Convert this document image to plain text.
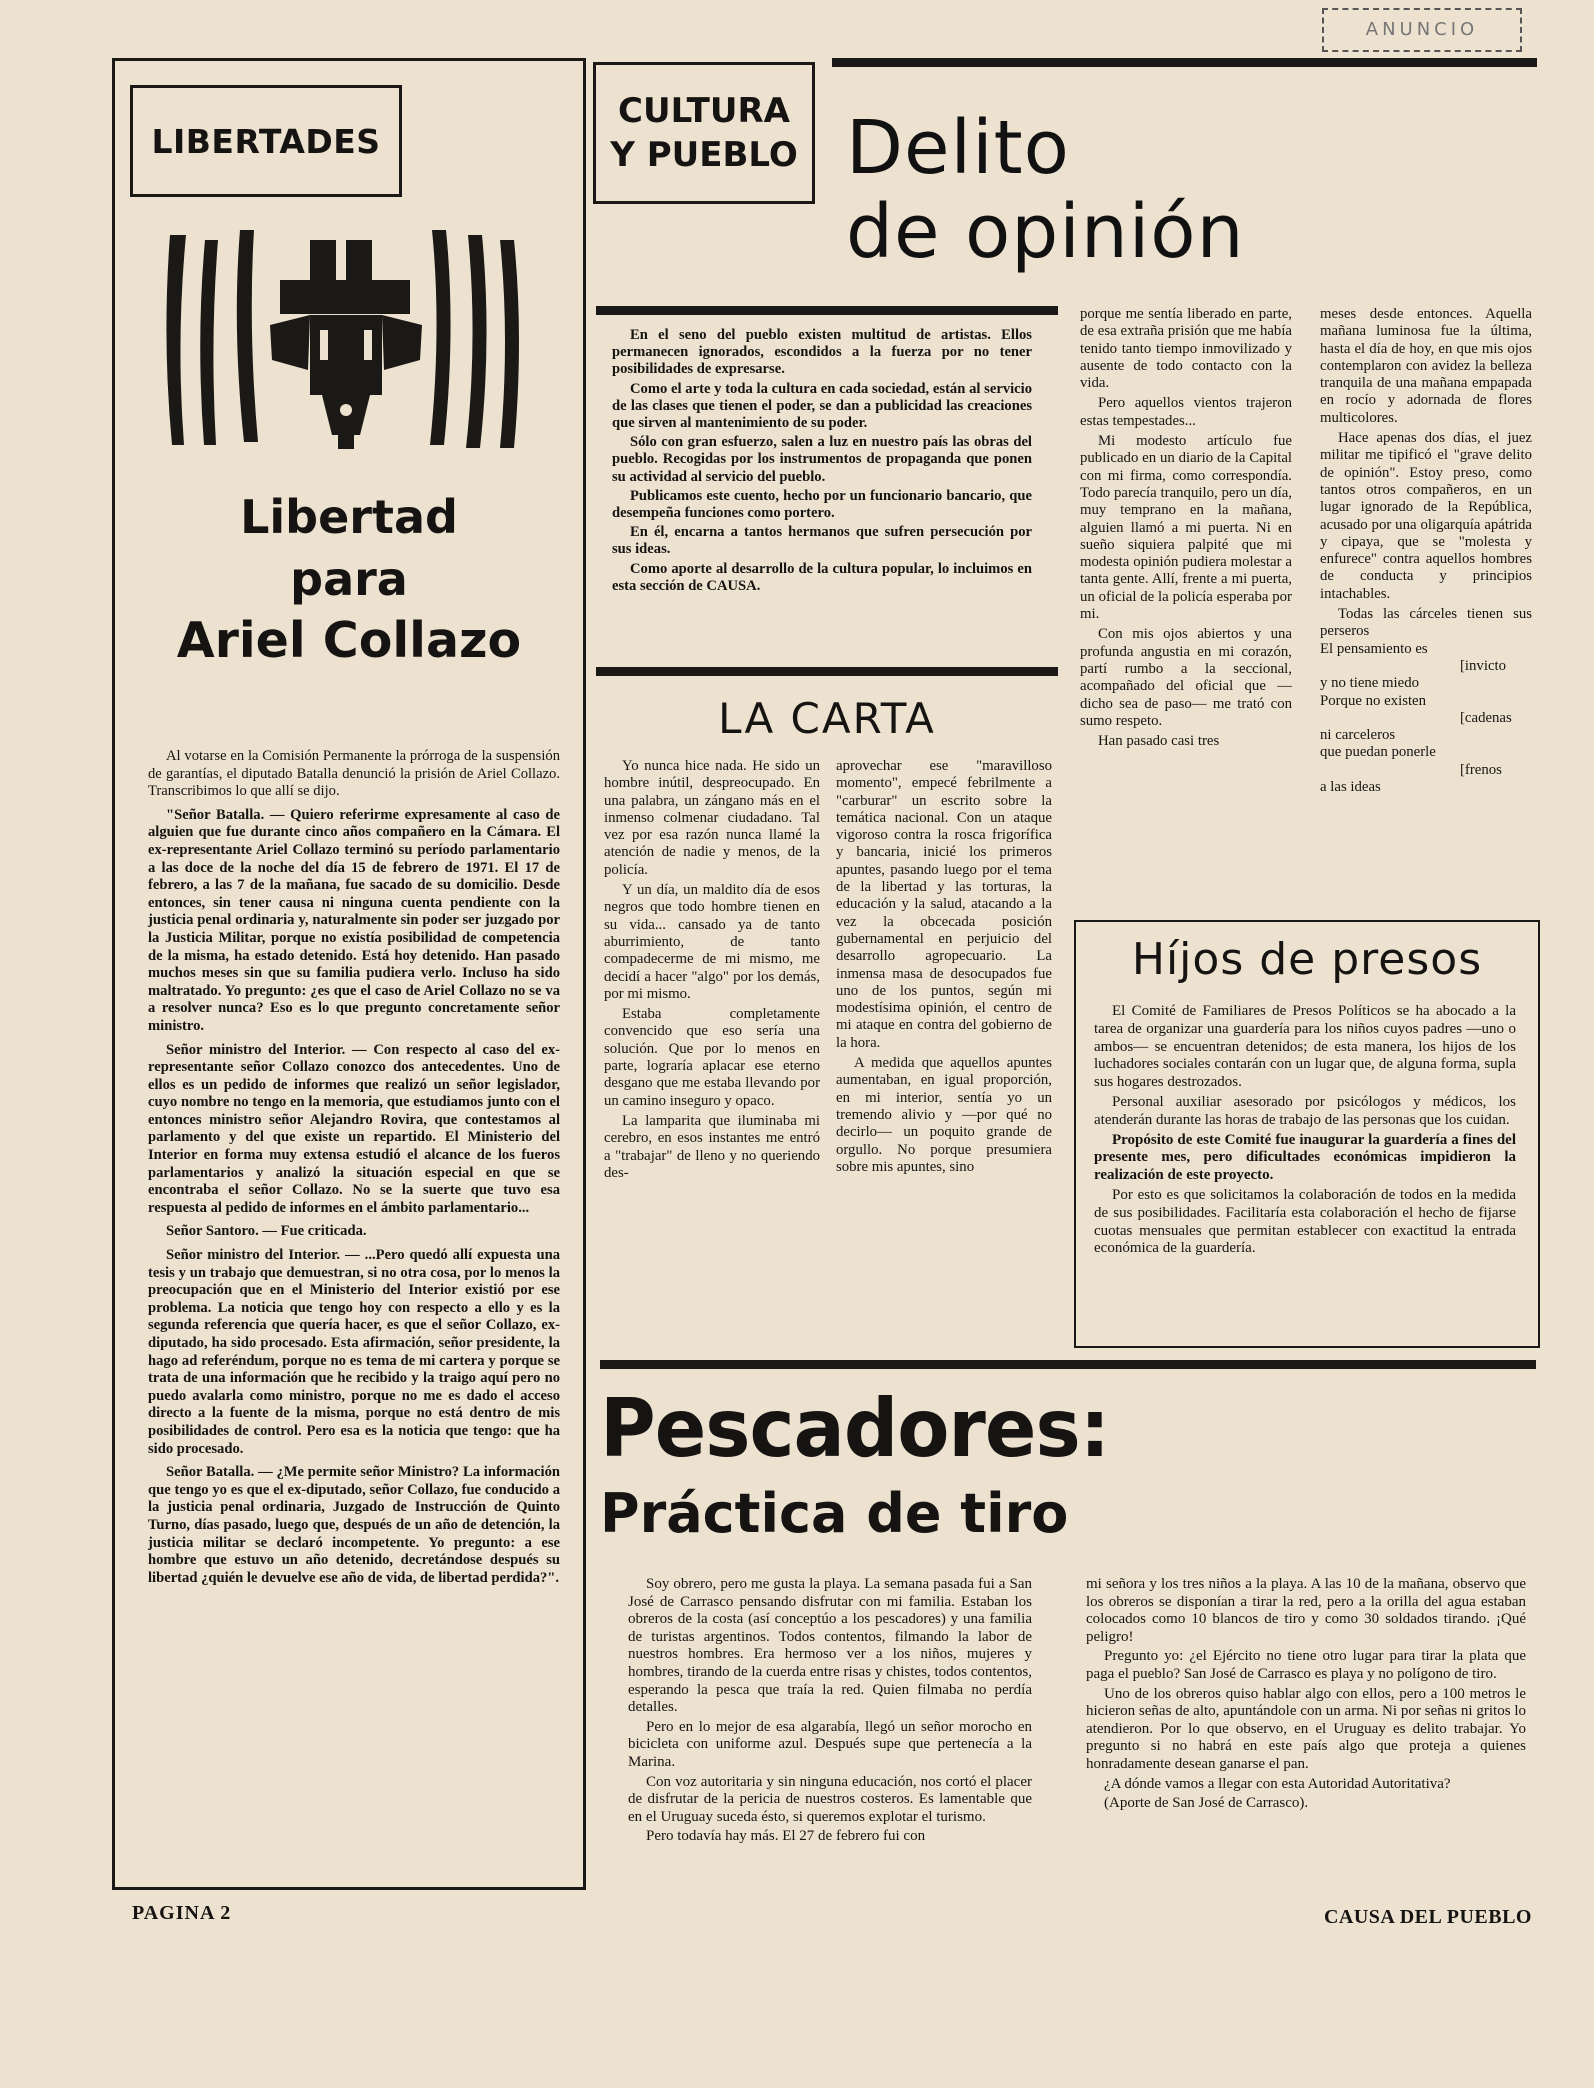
ANUNCIO
LIBERTADES
Libertad
para
Ariel Collazo

Al votarse en la Comisión Permanente la prórroga de la suspensión de garantías, el diputado Batalla denunció la prisión de Ariel Collazo. Transcribimos lo que allí se dijo.

"Señor Batalla. — Quiero referirme expresamente al caso de alguien que fue durante cinco años compañero en la Cámara. El ex-representante Ariel Collazo terminó su período parlamentario a las doce de la noche del día 15 de febrero de 1971. El 17 de febrero, a las 7 de la mañana, fue sacado de su domicilio. Desde entonces, sin tener causa ni ninguna cuenta pendiente con la justicia penal ordinaria y, naturalmente sin poder ser juzgado por la Justicia Militar, porque no existía posibilidad de competencia de la misma, ha estado detenido. Está hoy detenido. Han pasado muchos meses sin que su familia pudiera verlo. Incluso ha sido maltratado. Yo pregunto: ¿es que el caso de Ariel Collazo no se va a resolver nunca? Eso es lo que pregunto concretamente señor ministro.

Señor ministro del Interior. — Con respecto al caso del ex-representante señor Collazo conozco dos antecedentes. Uno de ellos es un pedido de informes que realizó un señor legislador, cuyo nombre no tengo en la memoria, que estudiamos junto con el entonces ministro señor Alejandro Rovira, que contestamos al parlamento y del que existe un repartido. El Ministerio del Interior en forma muy extensa estudió el alcance de los fueros parlamentarios y analizó la situación especial en que se encontraba el señor Collazo. No se la suerte que tuvo esa respuesta al pedido de informes en el ámbito parlamentario...

Señor Santoro. — Fue criticada.

Señor ministro del Interior. — ...Pero quedó allí expuesta una tesis y un trabajo que demuestran, si no otra cosa, por lo menos la preocupación que en el Ministerio del Interior existió por ese problema. La noticia que tengo hoy con respecto a ello y es la segunda referencia que quería hacer, es que el señor Collazo, ex-diputado, ha sido procesado. Esta afirmación, señor presidente, la hago ad referéndum, porque no es tema de mi cartera y porque se trata de una información que he recibido y la traigo aquí pero no puedo avalarla como ministro, porque no me es dado el acceso directo a la fuente de la misma, porque no está dentro de mis posibilidades de control. Pero esa es la noticia que tengo: que ha sido procesado.

Señor Batalla. — ¿Me permite señor Ministro? La información que tengo yo es que el ex-diputado, señor Collazo, fue conducido a la justicia penal ordinaria, Juzgado de Instrucción de Quinto Turno, días pasado, luego que, después de un año de detención, la justicia militar se declaró incompetente. Yo pregunto: a ese hombre que estuvo un año detenido, decretándose después su libertad ¿quién le devuelve ese año de vida, de libertad perdida?".

CULTURA
Y PUEBLO Delito
de opinión

En el seno del pueblo existen multitud de artistas. Ellos permanecen ignorados, escondidos a la fuerza por no tener posibilidades de expresarse.

Como el arte y toda la cultura en cada sociedad, están al servicio de las clases que tienen el poder, se dan a publicidad las creaciones que sirven al mantenimiento de su poder.

Sólo con gran esfuerzo, salen a luz en nuestro país las obras del pueblo. Recogidas por los instrumentos de propaganda que ponen su actividad al servicio del pueblo.

Publicamos este cuento, hecho por un funcionario bancario, que desempeña funciones como portero.

En él, encarna a tantos hermanos que sufren persecución por sus ideas.

Como aporte al desarrollo de la cultura popular, lo incluimos en esta sección de CAUSA.

LA CARTA

Yo nunca hice nada. He sido un hombre inútil, despreocupado. En una palabra, un zángano más en el inmenso colmenar ciudadano. Tal vez por esa razón nunca llamé la atención de nadie y menos, de la policía.

Y un día, un maldito día de esos negros que todo hombre tienen en su vida... cansado ya de tanto aburrimiento, de tanto compadecerme de mi mismo, me decidí a hacer "algo" por los demás, por mi mismo.

Estaba completamente convencido que eso sería una solución. Que por lo menos en parte, lograría aplacar ese eterno desgano que me estaba llevando por un camino inseguro y opaco.

La lamparita que iluminaba mi cerebro, en esos instantes me entró a "trabajar" de lleno y no queriendo des-

aprovechar ese "maravilloso momento", empecé febrilmente a "carburar" un escrito sobre la temática nacional. Con un ataque vigoroso contra la rosca frigorífica y bancaria, inicié los primeros apuntes, pasando luego por el tema de la libertad y las torturas, la educación y la salud, atacando a la vez la obcecada posición gubernamental en perjuicio del desarrollo agropecuario. La inmensa masa de desocupados fue uno de los puntos, según mi modestísima opinión, el centro de mi ataque en contra del gobierno de la hora.

A medida que aquellos apuntes aumentaban, en igual proporción, en mi interior, sentía yo un tremendo alivio y —por qué no decirlo— un poquito grande de orgullo. No porque presumiera sobre mis apuntes, sino

porque me sentía liberado en parte, de esa extraña prisión que me había tenido tanto tiempo inmovilizado y ausente de todo contacto con la vida.

Pero aquellos vientos trajeron estas tempestades...

Mi modesto artículo fue publicado en un diario de la Capital con mi firma, como correspondía. Todo parecía tranquilo, pero un día, muy temprano en la mañana, alguien llamó a mi puerta. Ni en sueño siquiera palpité que mi modesta opinión pudiera molestar a tanta gente. Allí, frente a mi puerta, un oficial de la policía esperaba por mi.

Con mis ojos abiertos y una profunda angustia en mi corazón, partí rumbo a la seccional, acompañado del oficial que —dicho sea de paso— me trató con sumo respeto.

Han pasado casi tres

meses desde entonces. Aquella mañana luminosa fue la última, hasta el día de hoy, en que mis ojos contemplaron con avidez la belleza tranquila de una mañana empapada en rocío y adornada de flores multicolores.

Hace apenas dos días, el juez militar me tipificó el "grave delito de opinión". Estoy preso, como tantos otros compañeros, en un lugar ignorado de la República, acusado por una oligarquía apátrida y cipaya, que se "molesta y enfurece" contra aquellos hombres de conducta y principios intachables.

Todas las cárceles tienen sus perseros

El pensamiento es
[invicto
y no tiene miedo
Porque no existen
[cadenas
ni carceleros
que puedan ponerle
[frenos
a las ideas
Híjos de presos

El Comité de Familiares de Presos Políticos se ha abocado a la tarea de organizar una guardería para los niños cuyos padres —uno o ambos— se encuentran detenidos; de esta manera, los hijos de los luchadores sociales contarán con un lugar que, de alguna forma, supla sus hogares destrozados.

Personal auxiliar asesorado por psicólogos y médicos, los atenderán durante las horas de trabajo de las personas que los cuidan.

Propósito de este Comité fue inaugurar la guardería a fines del presente mes, pero dificultades económicas impidieron la realización de este proyecto.

Por esto es que solicitamos la colaboración de todos en la medida de sus posibilidades. Facilitaría esta colaboración el hecho de fijarse cuotas mensuales que permitan establecer con exactitud la entrada económica de la guardería.

Pescadores:
Práctica de tiro

Soy obrero, pero me gusta la playa. La semana pasada fui a San José de Carrasco pensando disfrutar con mi familia. Estaban los obreros de la costa (así conceptúo a los pescadores) y una familia de turistas argentinos. Todos contentos, filmando la labor de nuestros hombres. Era hermoso ver a los niños, mujeres y hombres, tirando de la cuerda entre risas y chistes, todos contentos, esperando la pesca que traía la red. Quien filmaba no perdía detalles.

Pero en lo mejor de esa algarabía, llegó un señor morocho en bicicleta con uniforme azul. Después supe que pertenecía a la Marina.

Con voz autoritaria y sin ninguna educación, nos cortó el placer de disfrutar de la pericia de nuestros costeros. Es lamentable que en el Uruguay suceda ésto, si queremos explotar el turismo.

Pero todavía hay más. El 27 de febrero fui con

mi señora y los tres niños a la playa. A las 10 de la mañana, observo que los obreros se disponían a tirar la red, pero a la orilla del agua estaban colocados como 10 blancos de tiro y como 30 soldados tirando. ¡Qué peligro!

Pregunto yo: ¿el Ejército no tiene otro lugar para tirar la plata que paga el pueblo? San José de Carrasco es playa y no polígono de tiro.

Uno de los obreros quiso hablar algo con ellos, pero a 100 metros le hicieron señas de alto, apuntándole con un arma. Ni por señas ni gritos lo atendieron. Por lo que observo, en el Uruguay es delito trabajar. Yo pregunto si no habrá en este país algo que proteja a quienes honradamente desean ganarse el pan.

¿A dónde vamos a llegar con esta Autoridad Autoritativa?

(Aporte de San José de Carrasco).

PAGINA 2	CAUSA DEL PUEBLO
